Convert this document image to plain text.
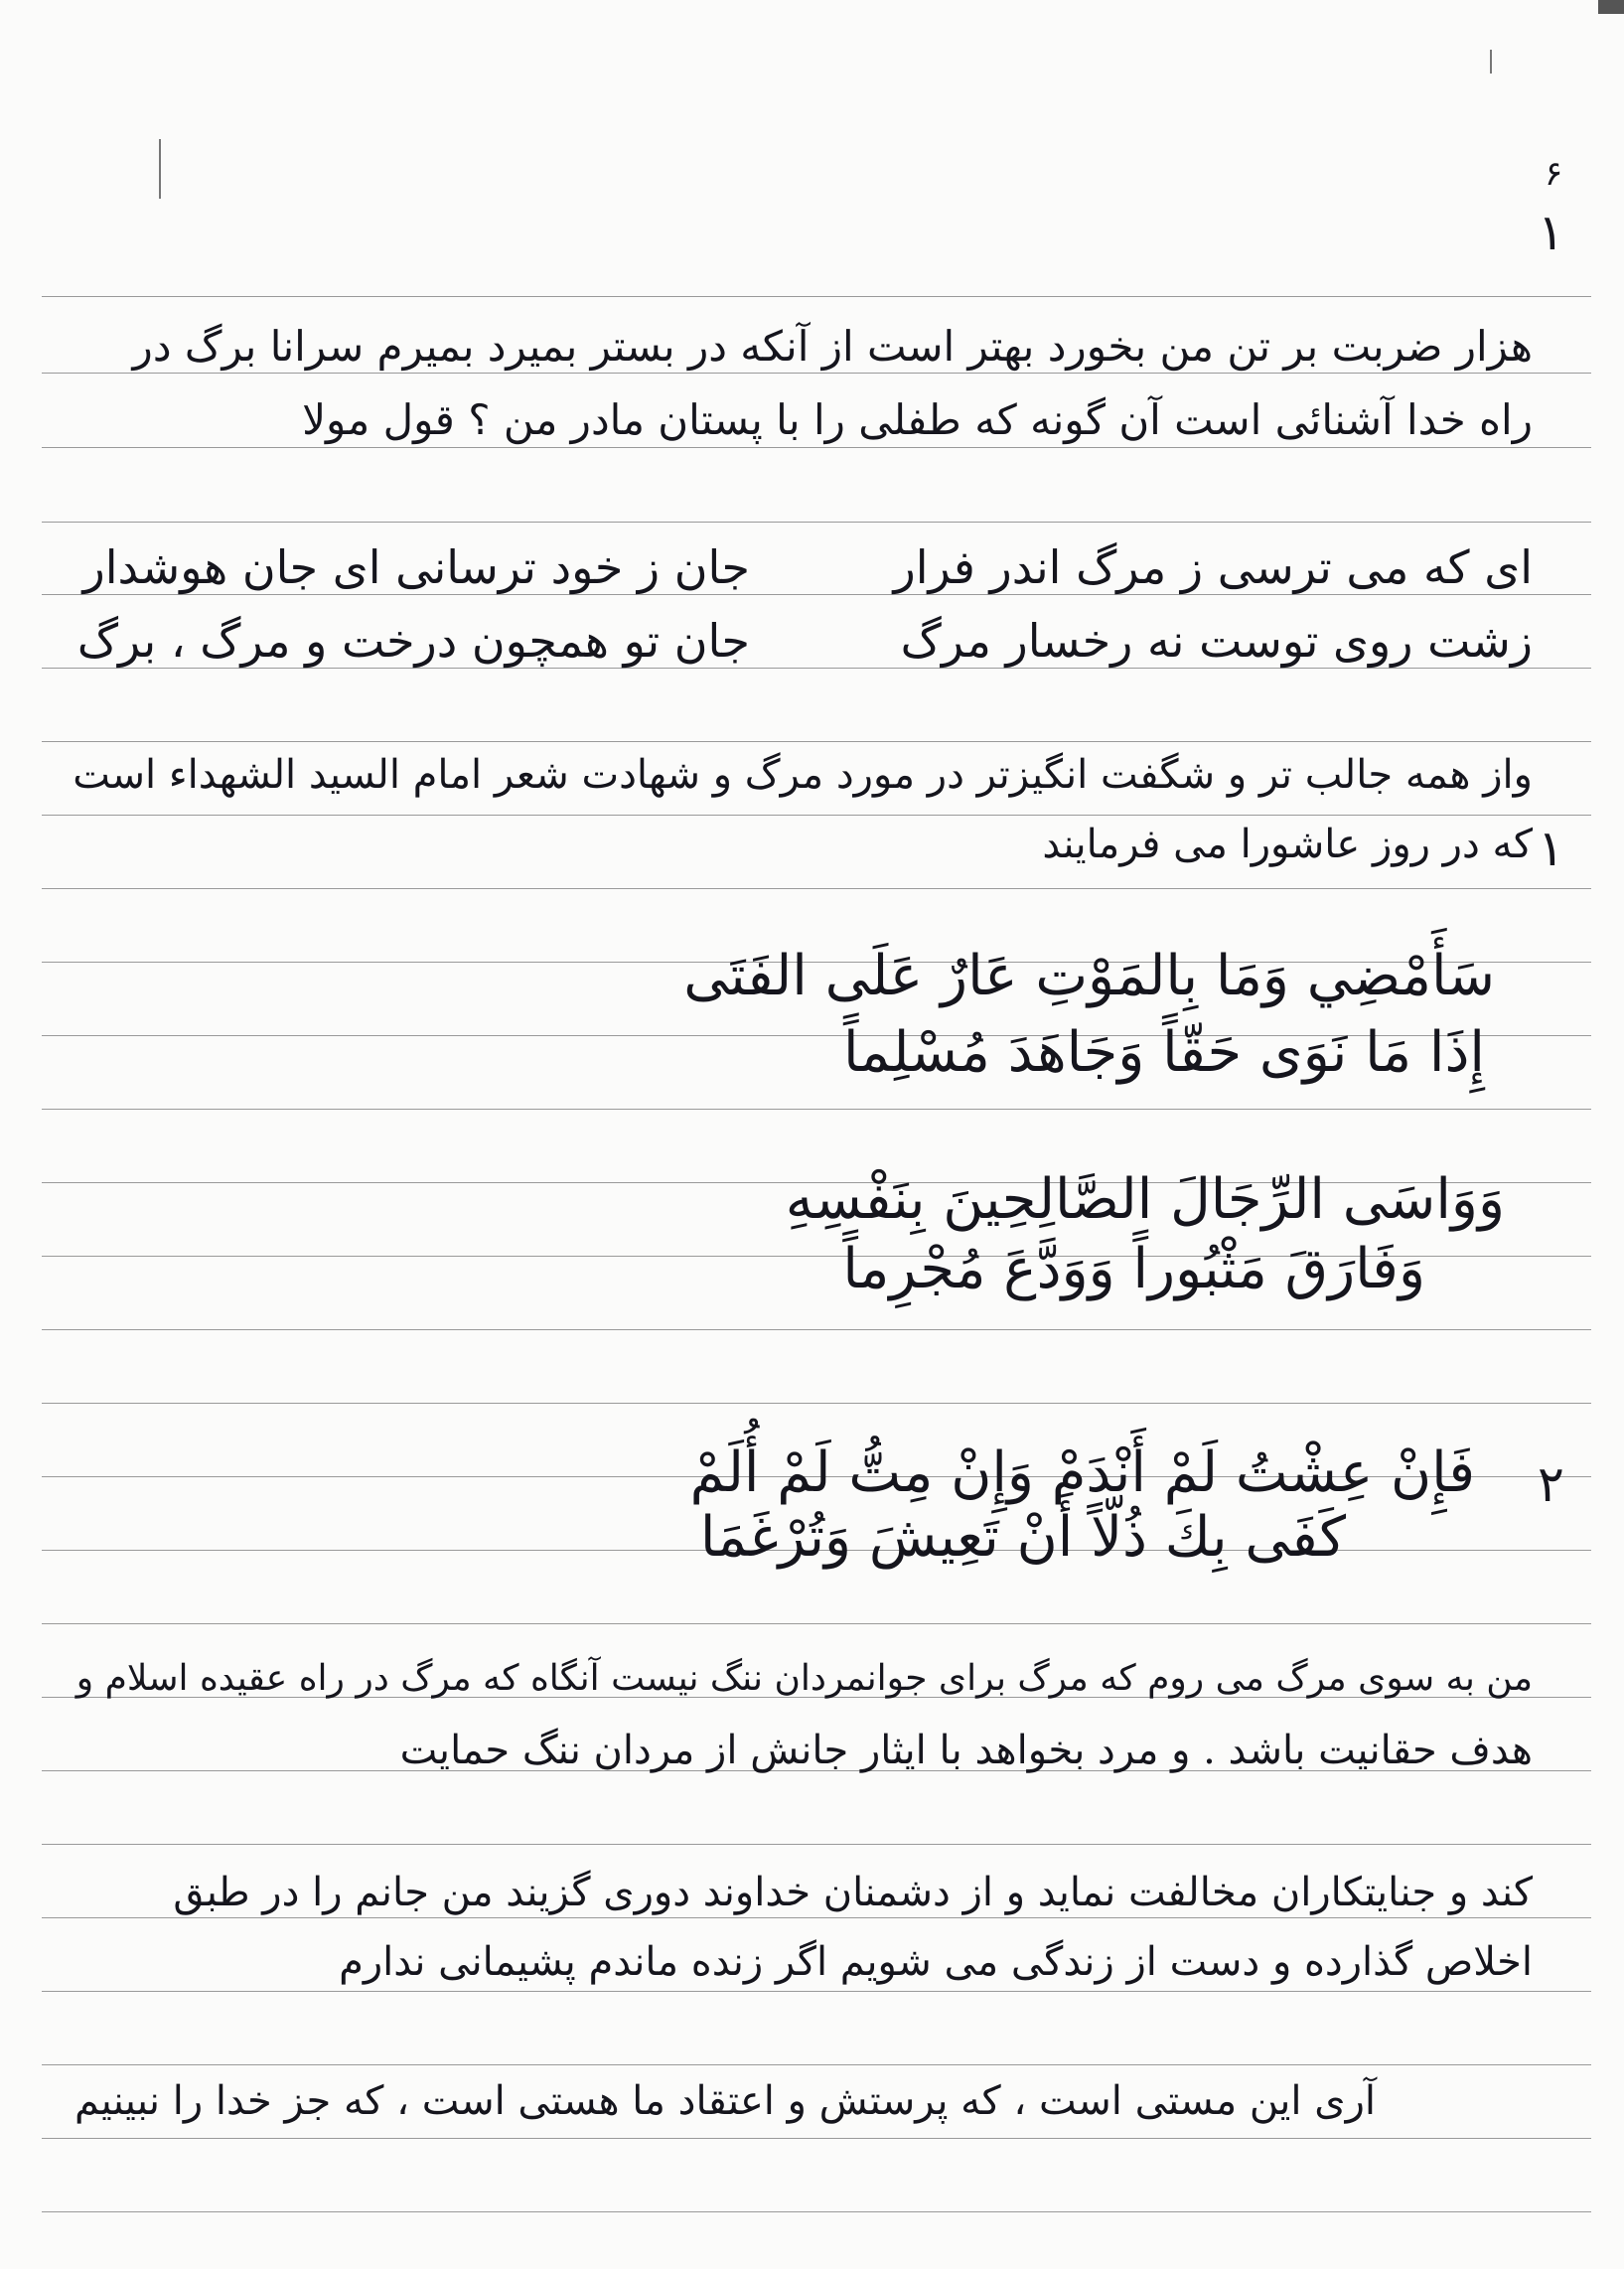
۶
۱
۱
۲
هزار ضربت بر تن من بخورد بهتر است از آنکه در بستر بمیرد بمیرم سرانا برگ در
راه خدا آشنائی است آن گونه که طفلی را با پستان مادر من ؟ قول مولا
ای که می ترسی ز مرگ اندر فرار
جان ز خود ترسانی ای جان هوشدار
زشت روی توست نه رخسار مرگ
جان تو همچون درخت و مرگ ، برگ
واز همه جالب تر و شگفت انگیزتر در مورد مرگ و شهادت شعر امام السید الشهداء است
که در روز عاشورا می فرمایند
سَأَمْضِي وَمَا بِالمَوْتِ عَارٌ عَلَى الفَتَى
إِذَا مَا نَوَى حَقّاً وَجَاهَدَ مُسْلِماً
وَوَاسَى الرِّجَالَ الصَّالِحِينَ بِنَفْسِهِ
وَفَارَقَ مَثْبُوراً وَوَدَّعَ مُجْرِماً
فَإِنْ عِشْتُ لَمْ أَنْدَمْ وَإِنْ مِتُّ لَمْ أُلَمْ
كَفَى بِكَ ذُلّاً أَنْ تَعِيشَ وَتُرْغَمَا
من به سوی مرگ می روم که مرگ برای جوانمردان ننگ نیست آنگاه که مرگ در راه عقیده اسلام و
هدف حقانیت باشد . و مرد بخواهد با ایثار جانش از مردان ننگ حمایت
کند و جنایتکاران مخالفت نماید و از دشمنان خداوند دوری گزیند من جانم را در طبق
اخلاص گذارده و دست از زندگی می شویم اگر زنده ماندم پشیمانی ندارم
آری این مستی است ، که پرستش و اعتقاد ما هستی است ، که جز خدا را نبینیم
